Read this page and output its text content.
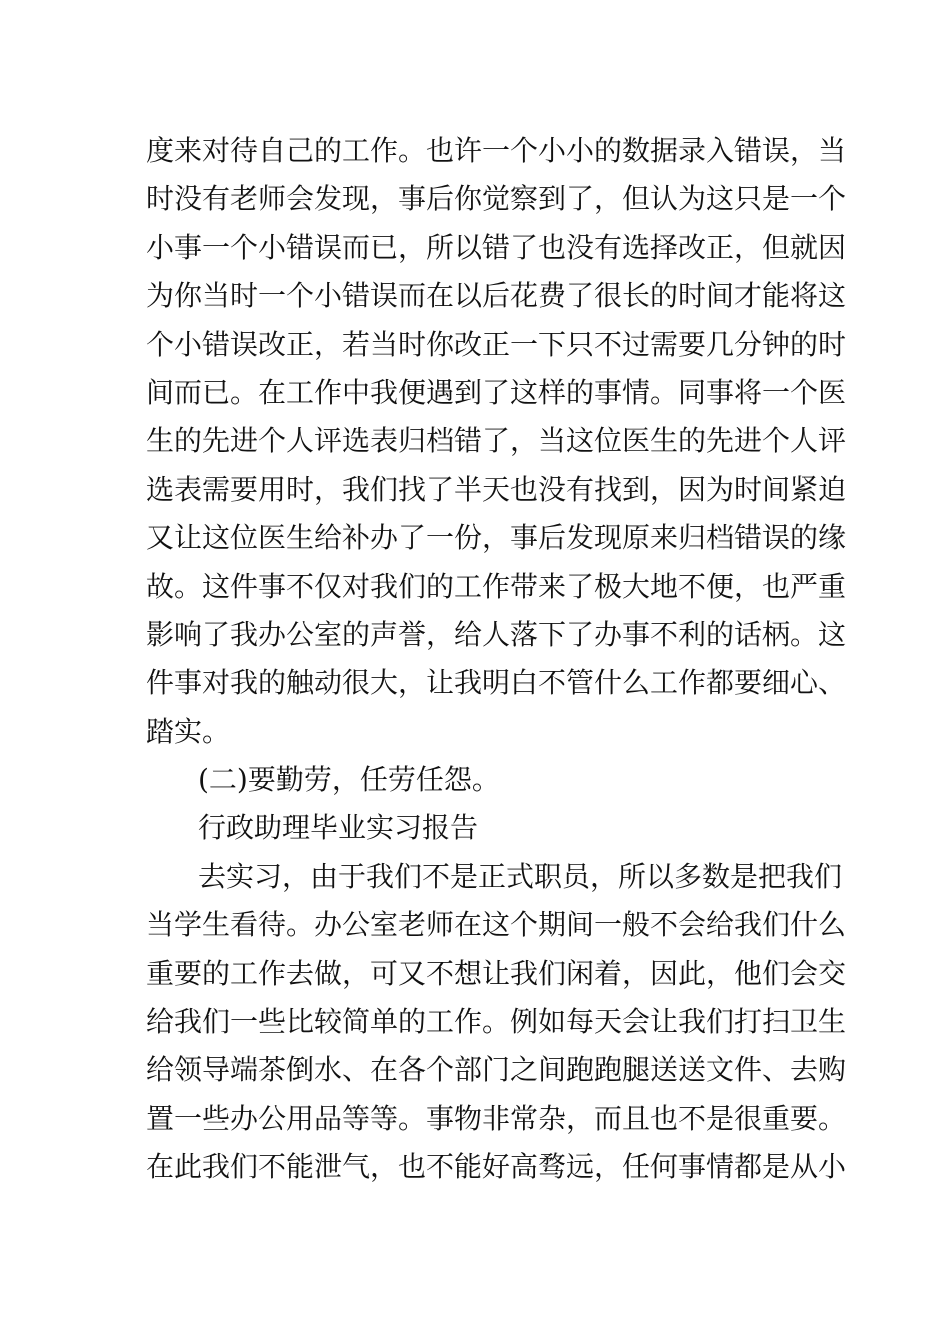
度来对待自己的工作。也许一个小小的数据录入错误，当
时没有老师会发现，事后你觉察到了，但认为这只是一个
小事一个小错误而已，所以错了也没有选择改正，但就因
为你当时一个小错误而在以后花费了很长的时间才能将这
个小错误改正，若当时你改正一下只不过需要几分钟的时
间而已。在工作中我便遇到了这样的事情。同事将一个医
生的先进个人评选表归档错了，当这位医生的先进个人评
选表需要用时，我们找了半天也没有找到，因为时间紧迫
又让这位医生给补办了一份，事后发现原来归档错误的缘
故。这件事不仅对我们的工作带来了极大地不便，也严重
影响了我办公室的声誉，给人落下了办事不利的话柄。这
件事对我的触动很大，让我明白不管什么工作都要细心、
踏实。
(二)要勤劳，任劳任怨。
行政助理毕业实习报告
去实习，由于我们不是正式职员，所以多数是把我们
当学生看待。办公室老师在这个期间一般不会给我们什么
重要的工作去做，可又不想让我们闲着，因此，他们会交
给我们一些比较简单的工作。例如每天会让我们打扫卫生
给领导端茶倒水、在各个部门之间跑跑腿送送文件、去购
置一些办公用品等等。事物非常杂，而且也不是很重要。
在此我们不能泄气，也不能好高骛远，任何事情都是从小
